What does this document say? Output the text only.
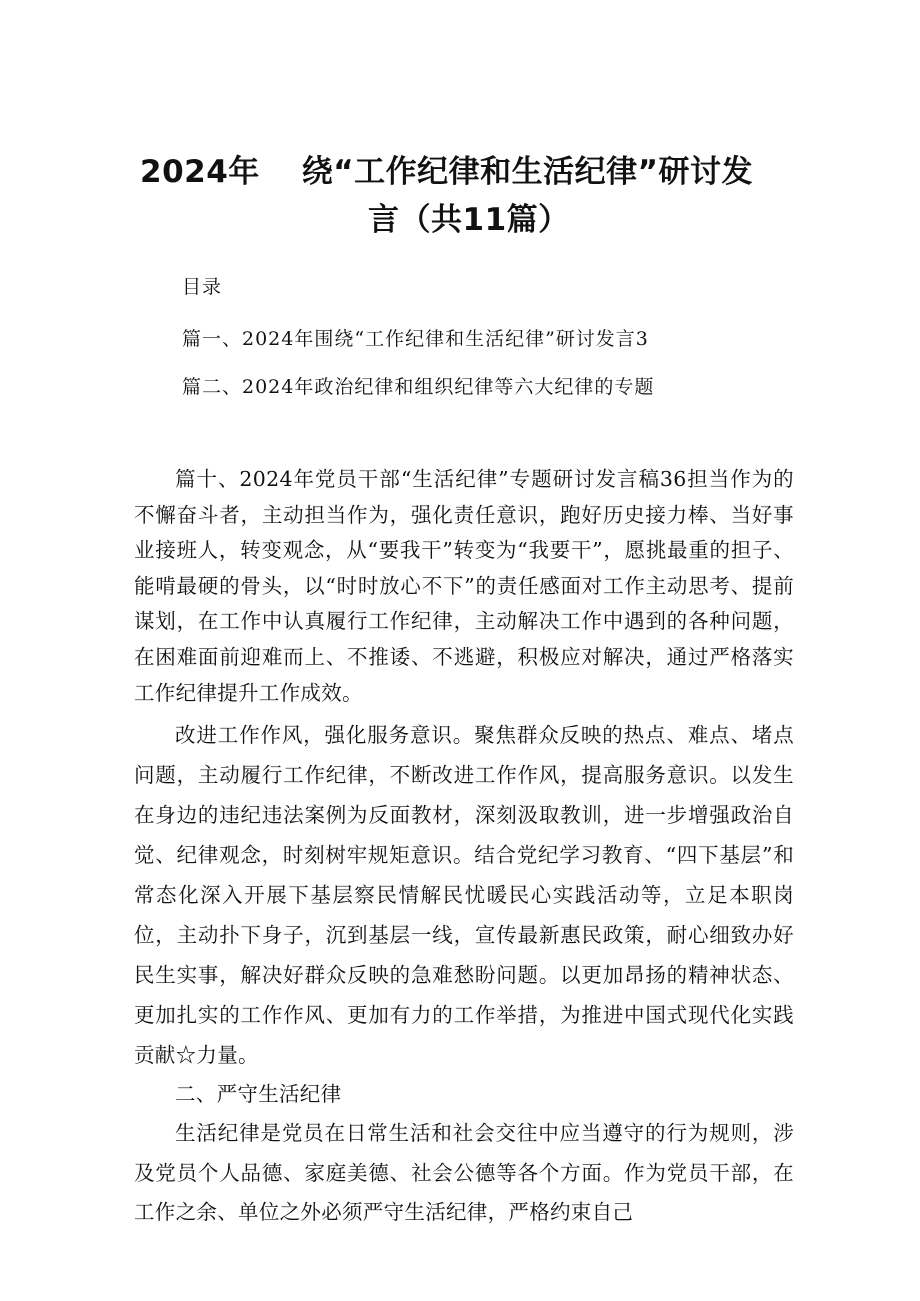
2024年 绕“工作纪律和生活纪律”研讨发
言（共11篇）
目录
篇一、2024年围绕“工作纪律和生活纪律”研讨发言3
篇二、2024年政治纪律和组织纪律等六大纪律的专题

篇十、2024年党员干部“生活纪律”专题研讨发言稿36担当作为的不懈奋斗者，主动担当作为，强化责任意识，跑好历史接力棒、当好事业接班人，转变观念，从“要我干”转变为“我要干”，愿挑最重的担子、能啃最硬的骨头，以“时时放心不下”的责任感面对工作主动思考、提前谋划，在工作中认真履行工作纪律，主动解决工作中遇到的各种问题，在困难面前迎难而上、不推诿、不逃避，积极应对解决，通过严格落实工作纪律提升工作成效。

改进工作作风，强化服务意识。聚焦群众反映的热点、难点、堵点问题，主动履行工作纪律，不断改进工作作风，提高服务意识。以发生在身边的违纪违法案例为反面教材，深刻汲取教训，进一步增强政治自觉、纪律观念，时刻树牢规矩意识。结合党纪学习教育、“四下基层”和常态化深入开展下基层察民情解民忧暖民心实践活动等，立足本职岗位，主动扑下身子，沉到基层一线，宣传最新惠民政策，耐心细致办好民生实事，解决好群众反映的急难愁盼问题。以更加昂扬的精神状态、更加扎实的工作作风、更加有力的工作举措，为推进中国式现代化实践贡献☆力量。

二、严守生活纪律

生活纪律是党员在日常生活和社会交往中应当遵守的行为规则，涉及党员个人品德、家庭美德、社会公德等各个方面。作为党员干部，在工作之余、单位之外必须严守生活纪律，严格约束自己
